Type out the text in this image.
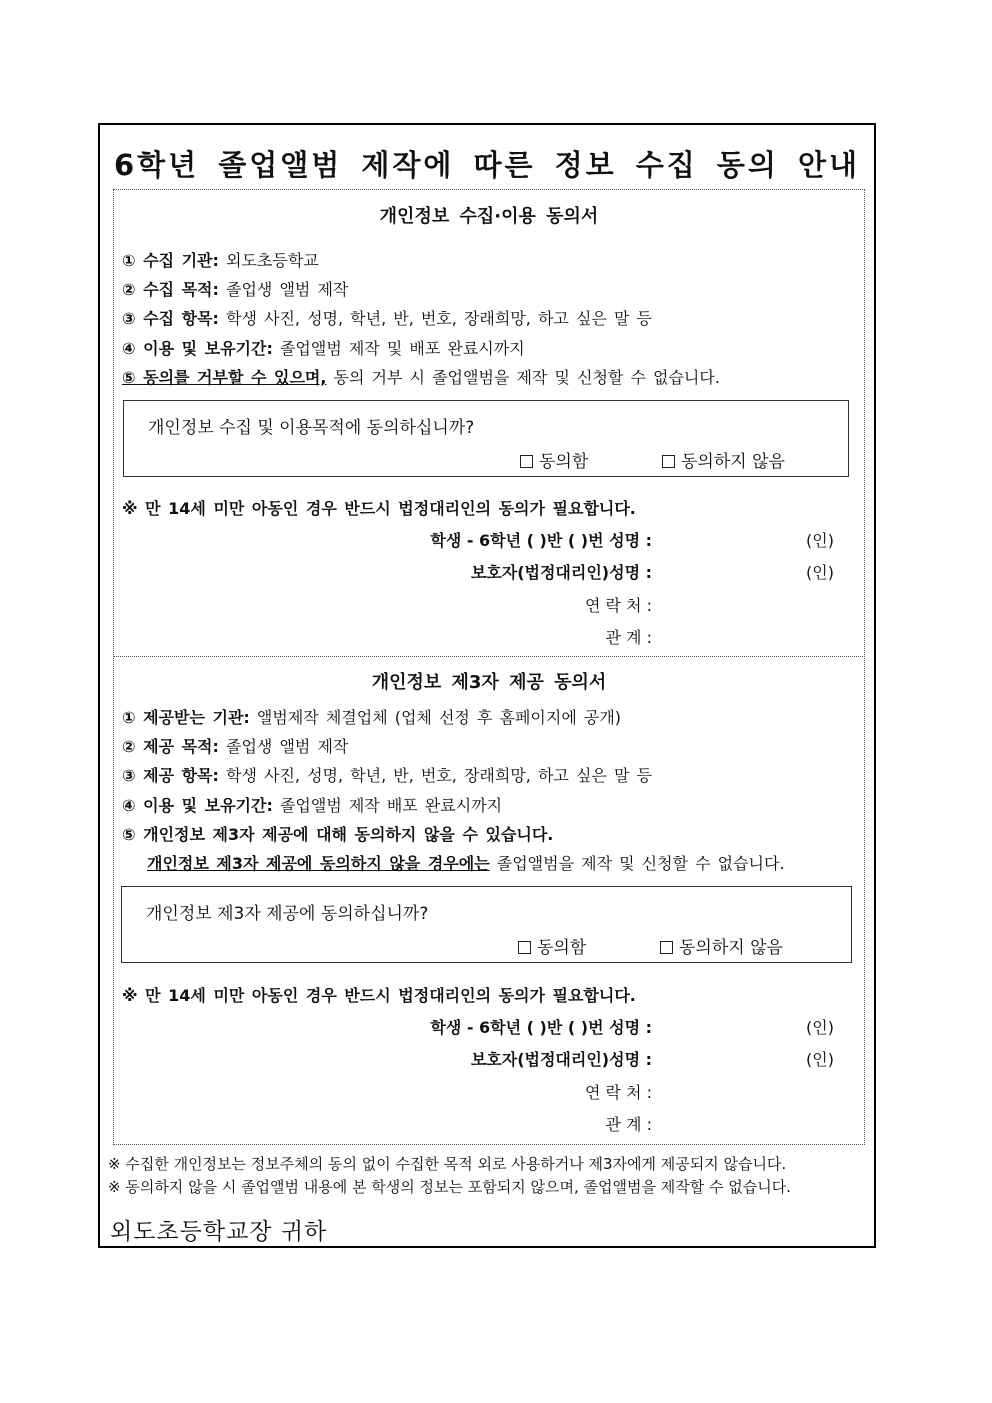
6학년 졸업앨범 제작에 따른 정보 수집 동의 안내
개인정보 수집·이용 동의서
① 수집 기관: 외도초등학교
② 수집 목적: 졸업생 앨범 제작
③ 수집 항목: 학생 사진, 성명, 학년, 반, 번호, 장래희망, 하고 싶은 말 등
④ 이용 및 보유기간: 졸업앨범 제작 및 배포 완료시까지
⑤ 동의를 거부할 수 있으며, 동의 거부 시 졸업앨범을 제작 및 신청할 수 없습니다.
개인정보 수집 및 이용목적에 동의하십니까?
동의함	동의하지 않음
※ 만 14세 미만 아동인 경우 반드시 법정대리인의 동의가 필요합니다.
학생 - 6학년 ( )반 ( )번 성명 :	(인)
보호자(법정대리인)성명 :	(인)
연 락 처 :
관 계 :
개인정보 제3자 제공 동의서
① 제공받는 기관: 앨범제작 체결업체 (업체 선정 후 홈페이지에 공개)
② 제공 목적: 졸업생 앨범 제작
③ 제공 항목: 학생 사진, 성명, 학년, 반, 번호, 장래희망, 하고 싶은 말 등
④ 이용 및 보유기간: 졸업앨범 제작 배포 완료시까지
⑤ 개인정보 제3자 제공에 대해 동의하지 않을 수 있습니다.
개인정보 제3자 제공에 동의하지 않을 경우에는 졸업앨범을 제작 및 신청할 수 없습니다.
개인정보 제3자 제공에 동의하십니까?
동의함	동의하지 않음
※ 만 14세 미만 아동인 경우 반드시 법정대리인의 동의가 필요합니다.
학생 - 6학년 ( )반 ( )번 성명 :	(인)
보호자(법정대리인)성명 :	(인)
연 락 처 :
관 계 :
※ 수집한 개인정보는 정보주체의 동의 없이 수집한 목적 외로 사용하거나 제3자에게 제공되지 않습니다.
※ 동의하지 않을 시 졸업앨범 내용에 본 학생의 정보는 포함되지 않으며, 졸업앨범을 제작할 수 없습니다.
외도초등학교장 귀하
